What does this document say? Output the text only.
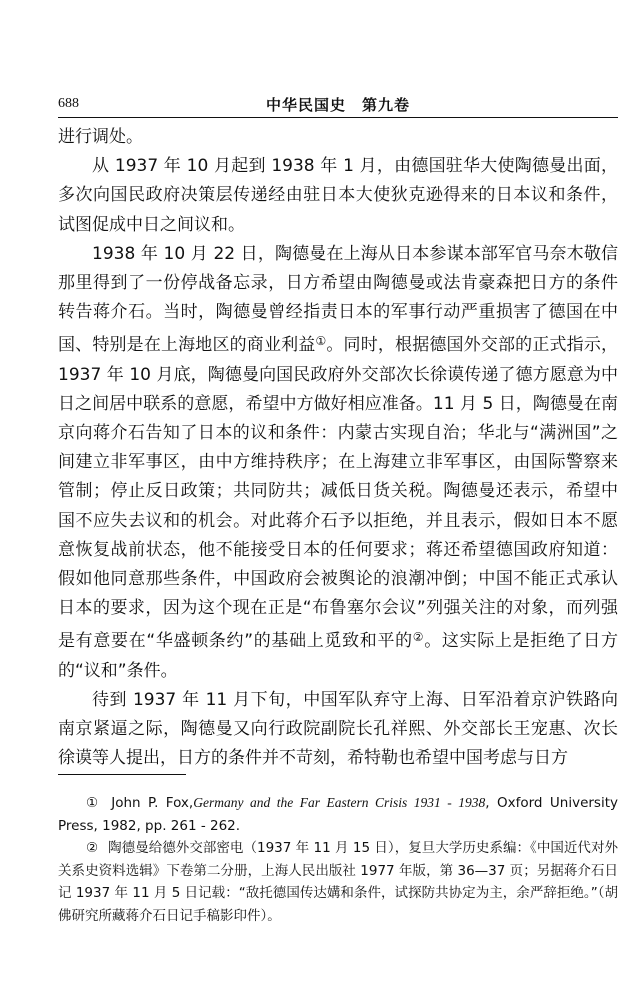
688	中华民国史　第九卷

进行调处。

从 1937 年 10 月起到 1938 年 1 月，由德国驻华大使陶德曼出面，多次向国民政府决策层传递经由驻日本大使狄克逊得来的日本议和条件，试图促成中日之间议和。

1938 年 10 月 22 日，陶德曼在上海从日本参谋本部军官马奈木敬信那里得到了一份停战备忘录，日方希望由陶德曼或法肯豪森把日方的条件转告蒋介石。当时，陶德曼曾经指责日本的军事行动严重损害了德国在中国、特别是在上海地区的商业利益①。同时，根据德国外交部的正式指示，1937 年 10 月底，陶德曼向国民政府外交部次长徐谟传递了德方愿意为中日之间居中联系的意愿，希望中方做好相应准备。11 月 5 日，陶德曼在南京向蒋介石告知了日本的议和条件：内蒙古实现自治；华北与“满洲国”之间建立非军事区，由中方维持秩序；在上海建立非军事区，由国际警察来管制；停止反日政策；共同防共；减低日货关税。陶德曼还表示，希望中国不应失去议和的机会。对此蒋介石予以拒绝，并且表示，假如日本不愿意恢复战前状态，他不能接受日本的任何要求；蒋还希望德国政府知道：假如他同意那些条件，中国政府会被舆论的浪潮冲倒；中国不能正式承认日本的要求，因为这个现在正是“布鲁塞尔会议”列强关注的对象，而列强是有意要在“华盛顿条约”的基础上觅致和平的②。这实际上是拒绝了日方的“议和”条件。

待到 1937 年 11 月下旬，中国军队弃守上海、日军沿着京沪铁路向南京紧逼之际，陶德曼又向行政院副院长孔祥熙、外交部长王宠惠、次长徐谟等人提出，日方的条件并不苛刻，希特勒也希望中国考虑与日方

① John P. Fox,Germany and the Far Eastern Crisis 1931 - 1938, Oxford University Press, 1982, pp. 261 - 262.

② 陶德曼给德外交部密电（1937 年 11 月 15 日），复旦大学历史系编：《中国近代对外关系史资料选辑》下卷第二分册，上海人民出版社 1977 年版，第 36—37 页；另据蒋介石日记 1937 年 11 月 5 日记载：“敌托德国传达媾和条件，试探防共协定为主，余严辞拒绝。”（胡佛研究所藏蒋介石日记手稿影印件）。
